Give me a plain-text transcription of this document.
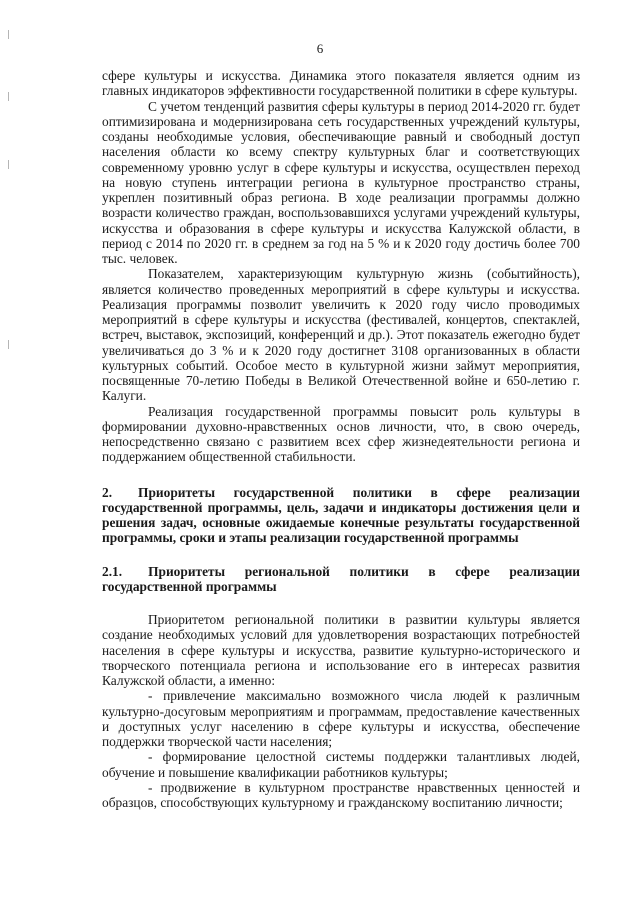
6

сфере культуры и искусства. Динамика этого показателя является одним из главных индикаторов эффективности государственной политики в сфере культуры.

С учетом тенденций развития сферы культуры в период 2014-2020 гг. будет оптимизирована и модернизирована сеть государственных учреждений культуры, созданы необходимые условия, обеспечивающие равный и свободный доступ населения области ко всему спектру культурных благ и соответствующих современному уровню услуг в сфере культуры и искусства, осуществлен переход на новую ступень интеграции региона в культурное пространство страны, укреплен позитивный образ региона. В ходе реализации программы должно возрасти количество граждан, воспользовавшихся услугами учреждений культуры, искусства и образования в сфере культуры и искусства Калужской области, в период с 2014 по 2020 гг. в среднем за год на 5 % и к 2020 году достичь более 700 тыс. человек.

Показателем, характеризующим культурную жизнь (событийность), является количество проведенных мероприятий в сфере культуры и искусства. Реализация программы позволит увеличить к 2020 году число проводимых мероприятий в сфере культуры и искусства (фестивалей, концертов, спектаклей, встреч, выставок, экспозиций, конференций и др.). Этот показатель ежегодно будет увеличиваться до 3 % и к 2020 году достигнет 3108 организованных в области культурных событий. Особое место в культурной жизни займут мероприятия, посвященные 70-летию Победы в Великой Отечественной войне и 650-летию г. Калуги.

Реализация государственной программы повысит роль культуры в формировании духовно-нравственных основ личности, что, в свою очередь, непосредственно связано с развитием всех сфер жизнедеятельности региона и поддержанием общественной стабильности.

2. Приоритеты государственной политики в сфере реализации государственной программы, цель, задачи и индикаторы достижения цели и решения задач, основные ожидаемые конечные результаты государственной программы, сроки и этапы реализации государственной программы

2.1. Приоритеты региональной политики в сфере реализации государственной программы

Приоритетом региональной политики в развитии культуры является создание необходимых условий для удовлетворения возрастающих потребностей населения в сфере культуры и искусства, развитие культурно-исторического и творческого потенциала региона и использование его в интересах развития Калужской области, а именно:

- привлечение максимально возможного числа людей к различным культурно-досуговым мероприятиям и программам, предоставление качественных и доступных услуг населению в сфере культуры и искусства, обеспечение поддержки творческой части населения;

- формирование целостной системы поддержки талантливых людей, обучение и повышение квалификации работников культуры;

- продвижение в культурном пространстве нравственных ценностей и образцов, способствующих культурному и гражданскому воспитанию личности;
